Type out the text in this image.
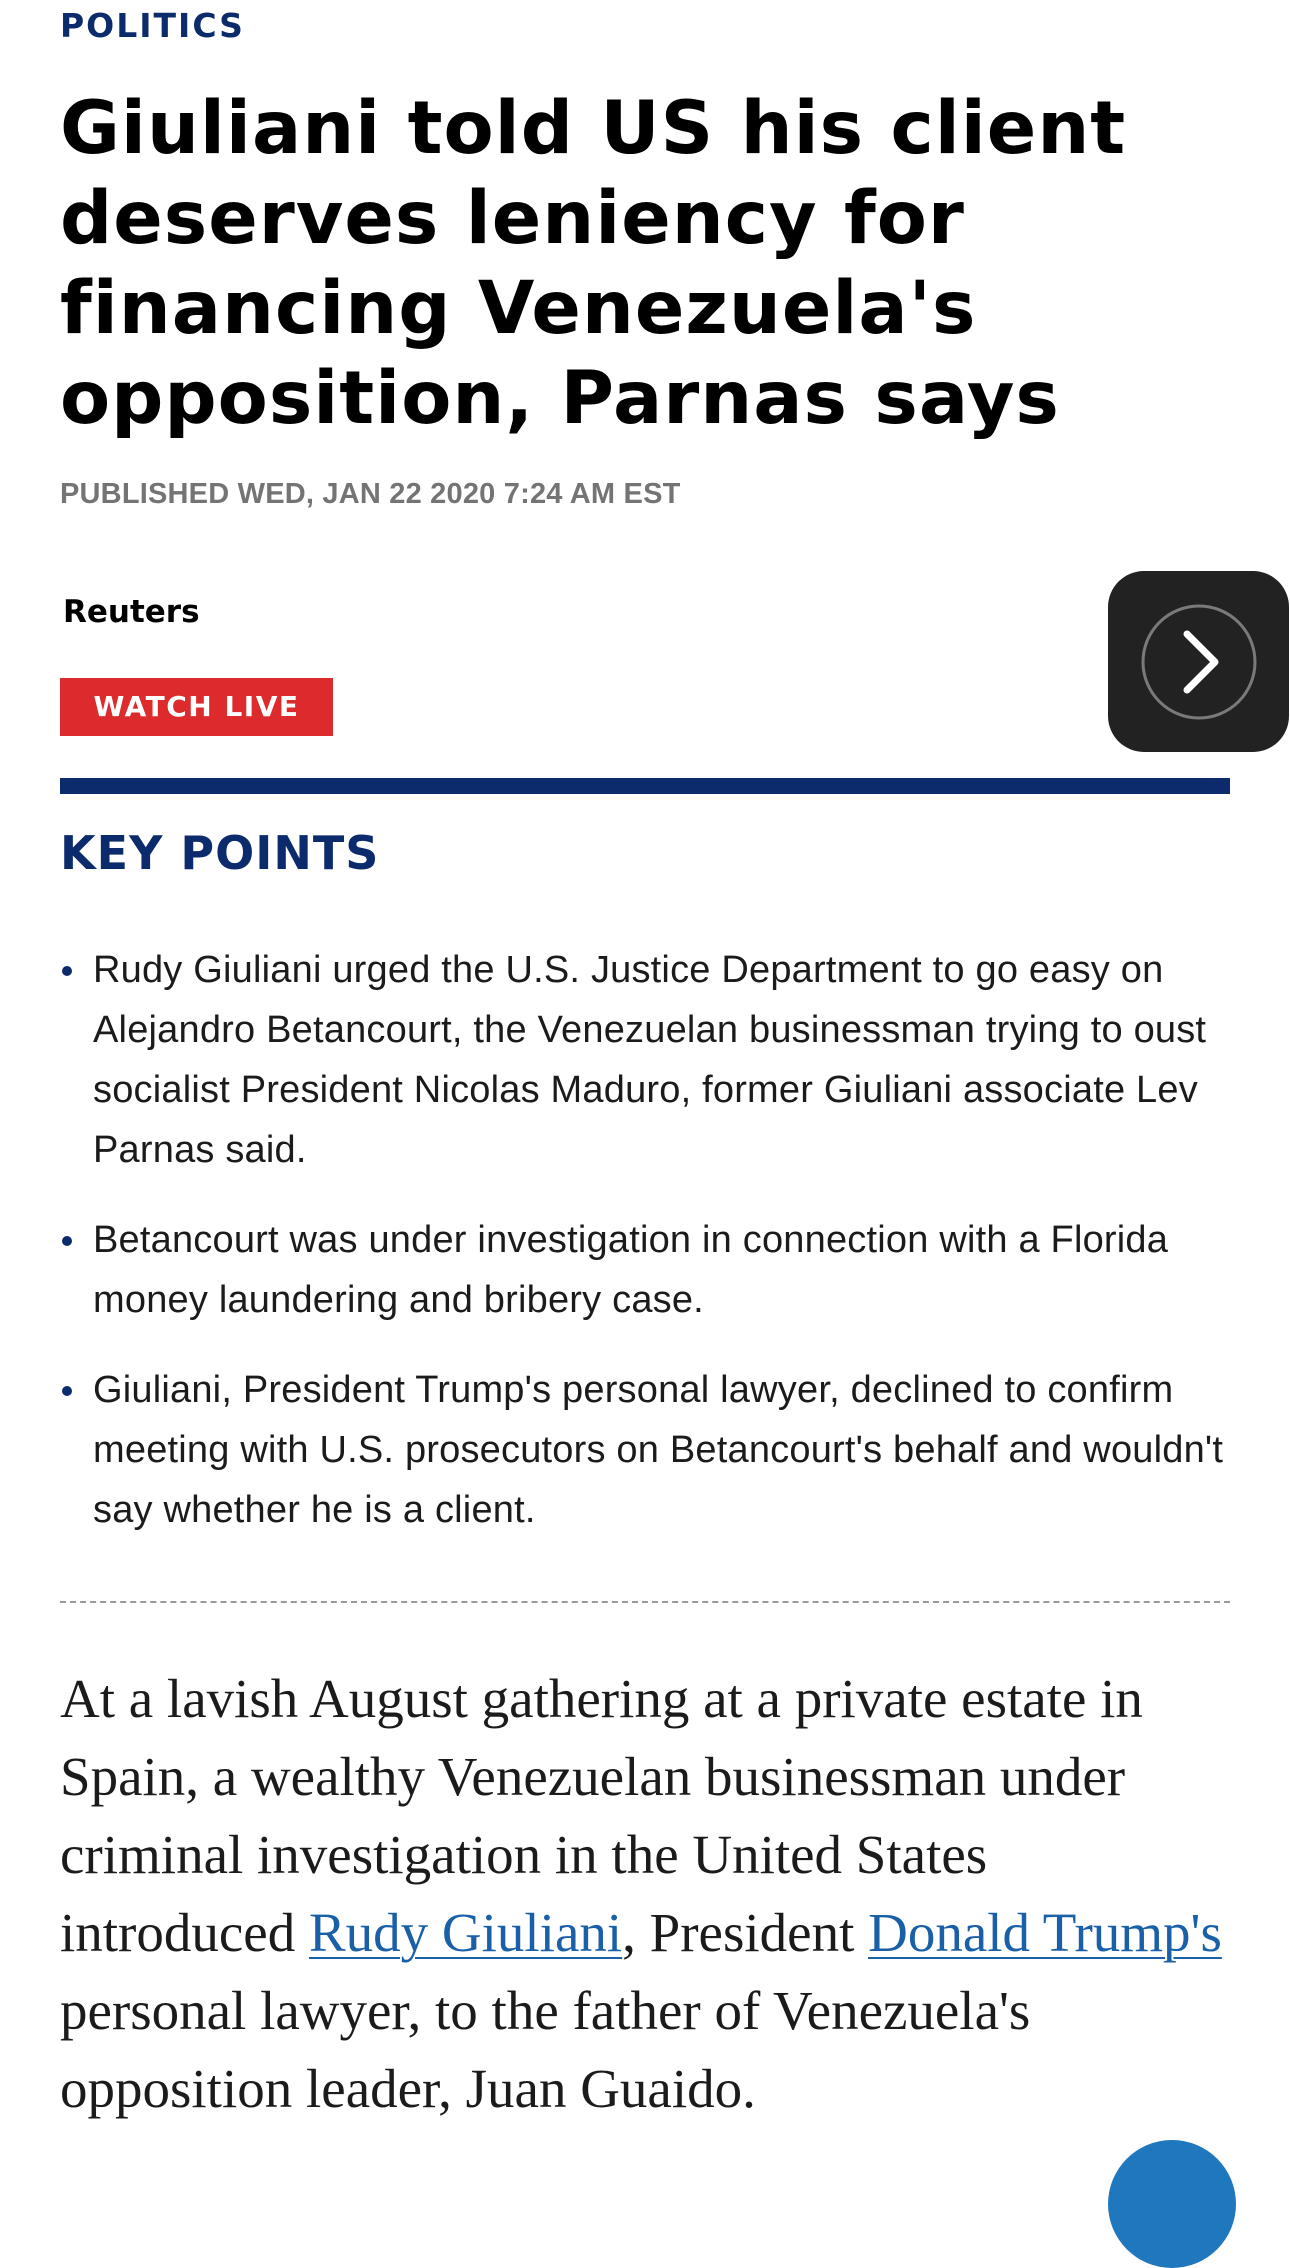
POLITICS
Giuliani told US his client deserves leniency for financing Venezuela's opposition, Parnas says
PUBLISHED WED, JAN 22 2020 7:24 AM EST
Reuters
WATCH LIVE
KEY POINTS
Rudy Giuliani urged the U.S. Justice Department to go easy on Alejandro Betancourt, the Venezuelan businessman trying to oust socialist President Nicolas Maduro, former Giuliani associate Lev Parnas said.
Betancourt was under investigation in connection with a Florida money laundering and bribery case.
Giuliani, President Trump's personal lawyer, declined to confirm meeting with U.S. prosecutors on Betancourt's behalf and wouldn't say whether he is a client.

At a lavish August gathering at a private estate in Spain, a wealthy Venezuelan businessman under criminal investigation in the United States introduced Rudy Giuliani, President Donald Trump's personal lawyer, to the father of Venezuela's opposition leader, Juan Guaido.
